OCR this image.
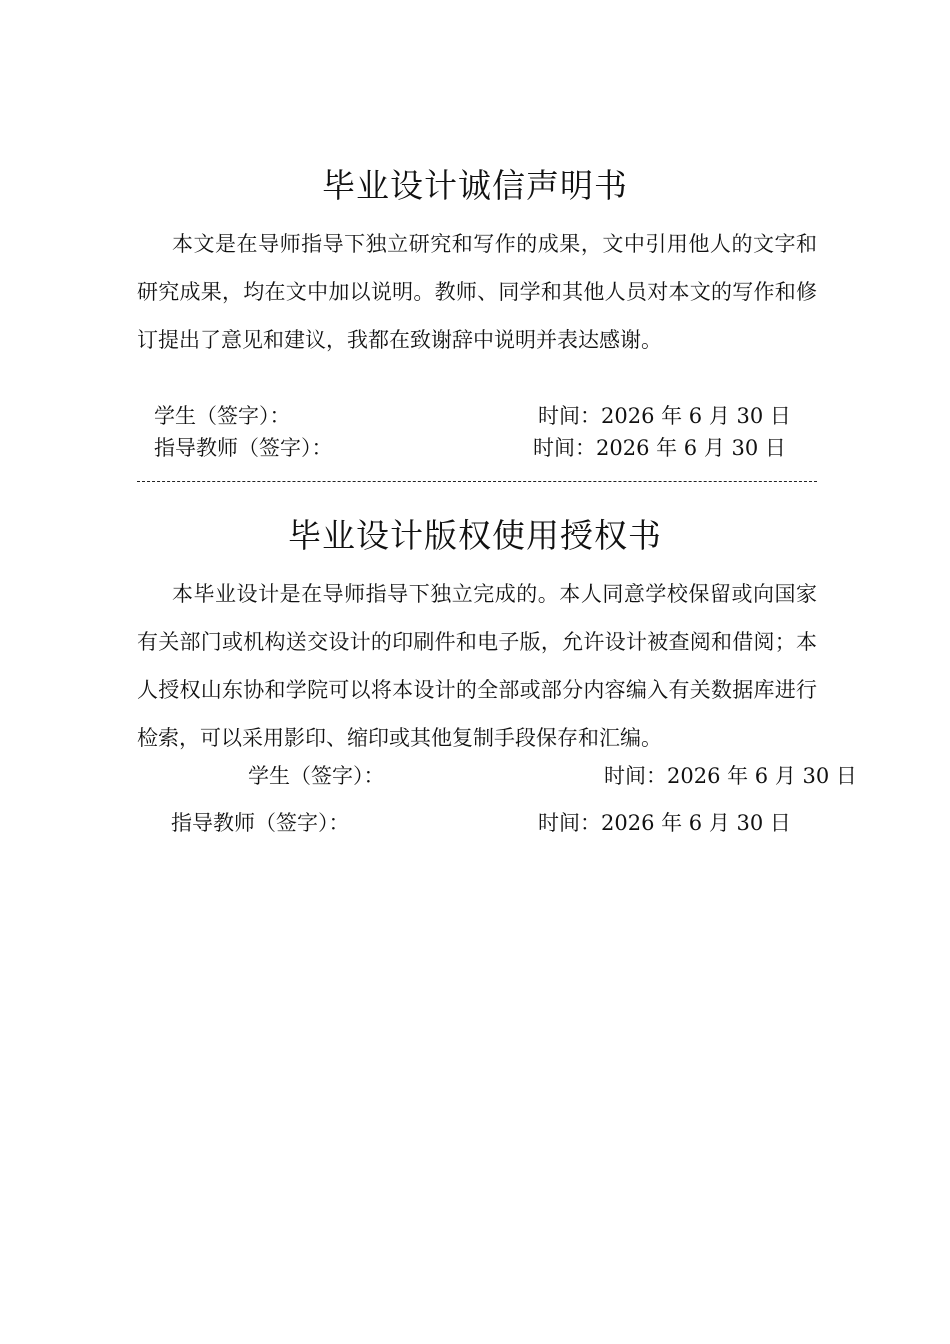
毕业设计诚信声明书

本文是在导师指导下独立研究和写作的成果，文中引用他人的文字和研究成果，均在文中加以说明。教师、同学和其他人员对本文的写作和修订提出了意见和建议，我都在致谢辞中说明并表达感谢。

学生（签字）：	时间：2026 年 6 月 30 日
指导教师（签字）：	时间：2026 年 6 月 30 日
毕业设计版权使用授权书

本毕业设计是在导师指导下独立完成的。本人同意学校保留或向国家有关部门或机构送交设计的印刷件和电子版，允许设计被查阅和借阅；本人授权山东协和学院可以将本设计的全部或部分内容编入有关数据库进行检索，可以采用影印、缩印或其他复制手段保存和汇编。

学生（签字）：	时间：2026 年 6 月 30 日
指导教师（签字）：	时间：2026 年 6 月 30 日
